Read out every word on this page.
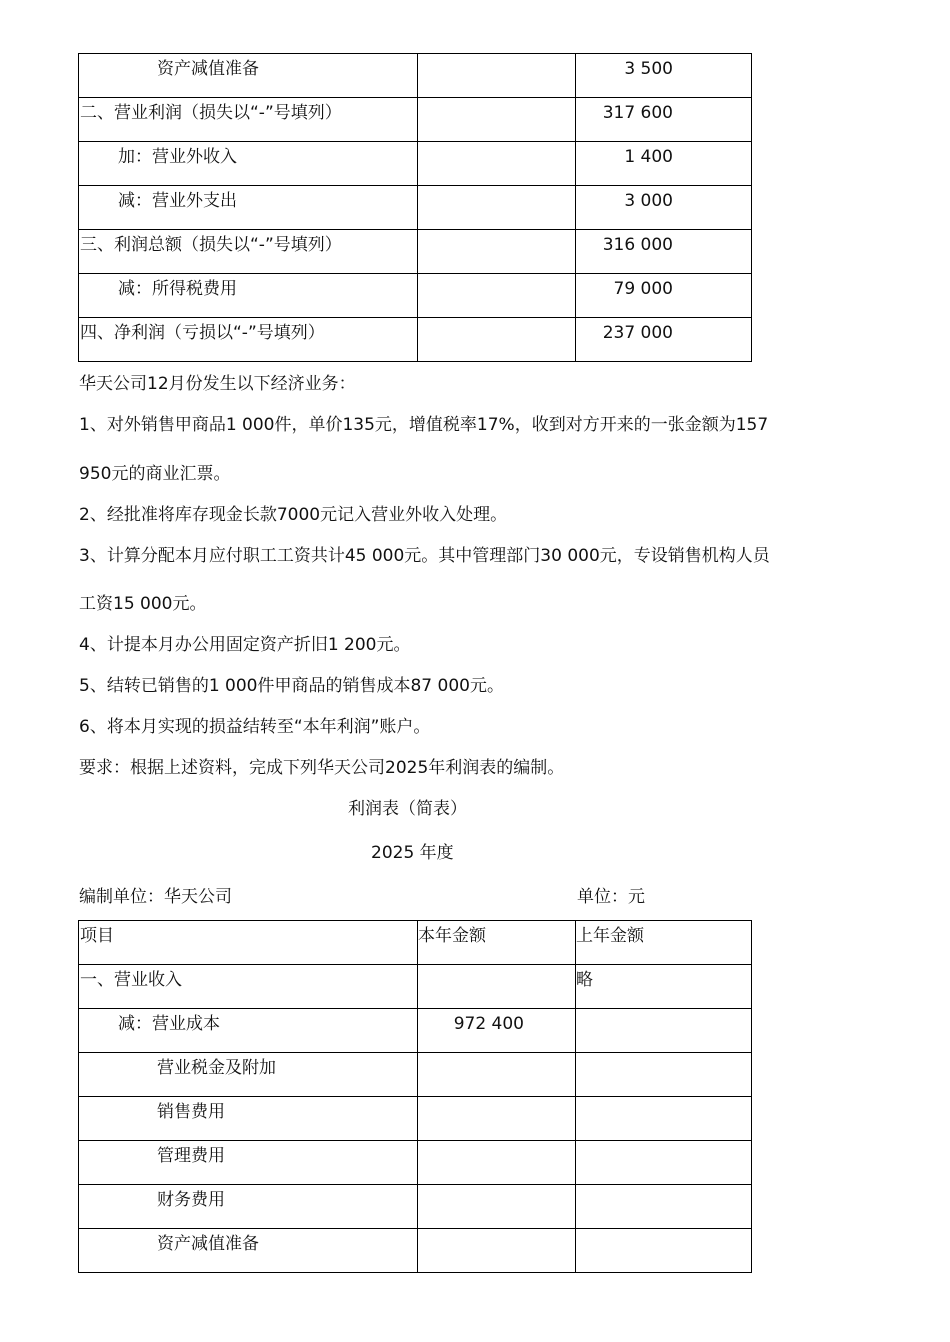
资产减值准备		3 500

二、营业利润（损失以“-”号填列）		317 600

加：营业外收入		1 400

减：营业外支出		3 000

三、利润总额（损失以“-”号填列）		316 000

减：所得税费用		79 000

四、净利润（亏损以“-”号填列）		237 000
华天公司12月份发生以下经济业务：
1、对外销售甲商品1 000件，单价135元，增值税率17%，收到对方开来的一张金额为157
950元的商业汇票。
2、经批准将库存现金长款7000元记入营业外收入处理。
3、计算分配本月应付职工工资共计45 000元。其中管理部门30 000元，专设销售机构人员
工资15 000元。
4、计提本月办公用固定资产折旧1 200元。
5、结转已销售的1 000件甲商品的销售成本87 000元。
6、将本月实现的损益结转至“本年利润”账户。
要求：根据上述资料，完成下列华天公司2025年利润表的编制。
利润表（简表）
2025 年度
编制单位：华天公司	单位：元
项目	本年金额	上年金额

一、营业收入		略

减：营业成本	972 400	

营业税金及附加		

销售费用		

管理费用		

财务费用		

资产减值准备		
